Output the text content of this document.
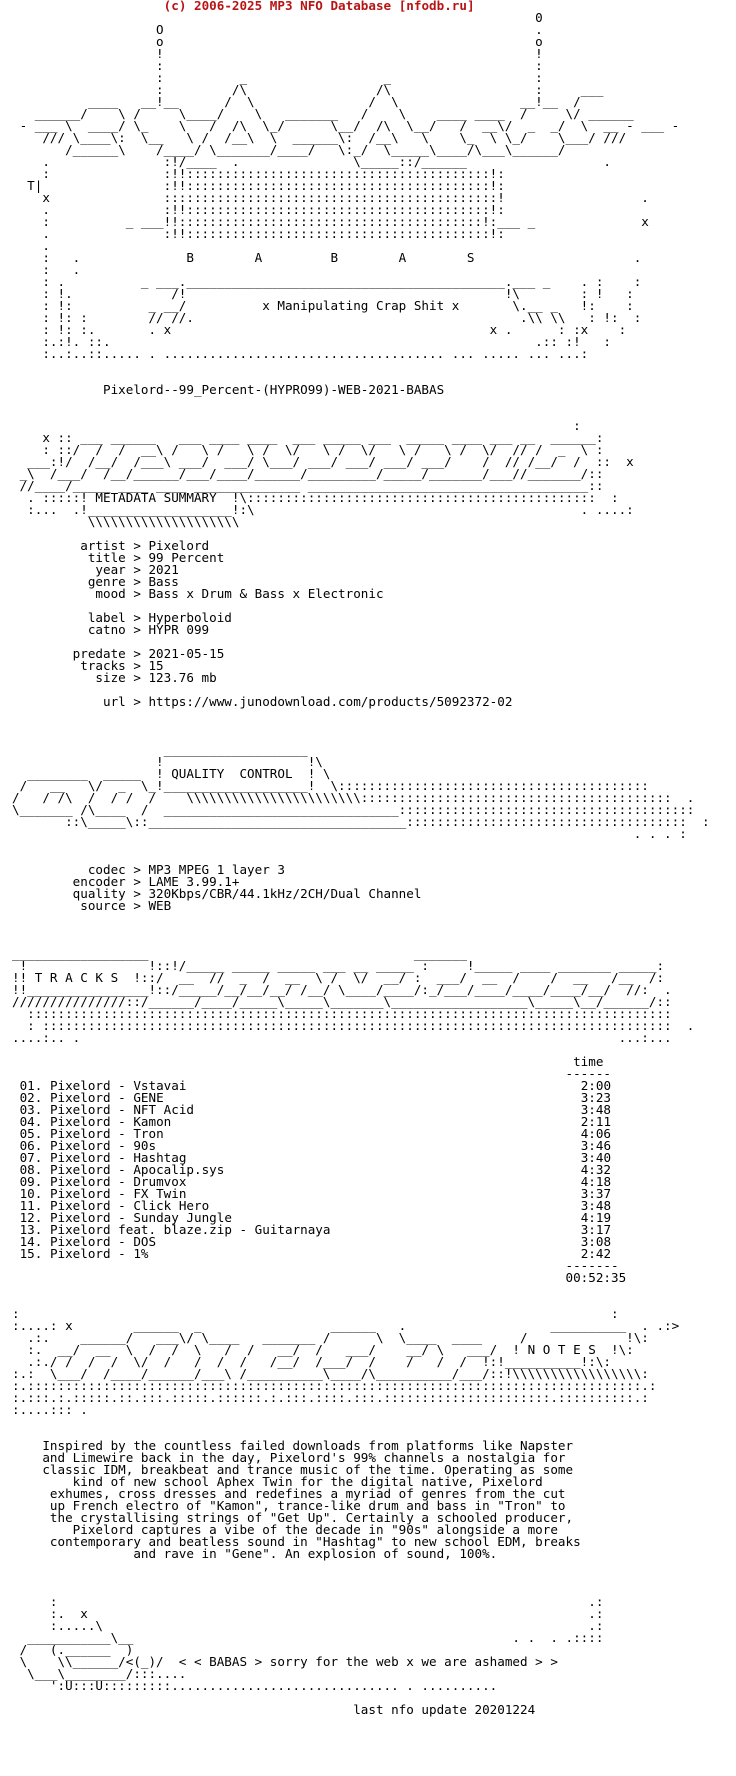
(c) 2006-2025 MP3 NFO Database [nfodb.ru]
0
O                                                 .
o                                                 o
!                                                 !
:                                                 :
:          _                  _                   :
:         /\                 /\                   :     ___
____   __!__      /  \               /  \                __!__  /
______/    \ /     \____/    \   _______   /    \    ____ ____  /     \/ ______
- ___ \  ____/ \_    \   /  /\  \_/      \__/  /\  \__/   /  __\/  _  _/  \  __ - ___ -
/// \____\:  \__   \ /  /__\  \  ______\:  /__\   \    \_  \ \_/    \___/ ///
/______\    /____/ \_______/____/   \:_/  \_____\____/\___\______/
.               :!/____  .               \_____::/______                  .
:               :!!::::::::::::::::::::::::::::::::::::::::!:
T|                :!!::::::::::::::::::::::::::::::::::::::::!:
x               ::::::::::::::::::::::::::::::::::::::::::::!                  .
.               :!!::::::::::::::::::::::::::::::::::::::::!:
:          _ ___!!::::::::::::::::::::::::::::::::::::::::!:___ _              x
.               :!!::::::::::::::::::::::::::::::::::::::::!:
.
:   .              B        A         B        A        S                     .
:   .
: .          _ ___.__________________________________________.___ _    . :    :
: !.             /!                                          !\        : !   :
: !:          _ __/          x Manipulating Crap Shit x       \.__ _   !:    :
: !: :        // //.                                           .\\ \\   : !:  :
: !: :.       . x                                          x .      : :x    :
:.:!. ::.                                                        .:: :!   :
:..:..::..... . ..................................... ... ..... ... ...:

Pixelord--99_Percent-(HYPRO99)-WEB-2021-BABAS

:
x :: ___ ______   ___ ____ ____  ___ _____ ___  _____ ____ ___ __  ______:
: ::/  /  /  __\ /   \ /   \ /  \/   \ /  \/   \ /   \ /  \/  // /  _  \ :
___:!/  /__/  /___\ ___/  ___/ \___/ ___/ ___/ ___/ ___/    /  // /__/  /  ::  x
_\  /___/  /__/______/___/____/______/_________/_____/_______/___//_______/::
//____/_____ ____ ____ ______________ _____________________________________::
. :::::! METADATA SUMMARY  !\::::::::::::::::::::::::::::::::::::::::::::::  :
:...  .!___________________!:\                                           . ....:
\\\\\\\\\\\\\\\\\\\\

artist > Pixelord
title > 99 Percent
year > 2021
genre > Bass
mood > Bass x Drum & Bass x Electronic

label > Hyperboloid
catno > HYPR 099

predate > 2021-05-15
tracks > 15
size > 123.76 mb

url > https://www.junodownload.com/products/5092372-02

___________________
!                   !\
________  _____  ! QUALITY  CONTROL  ! \
/   __   \/  _  \_!___________________!  \:::::::::::::::::::::::::::::::::::::::::
/   / /\  /  / /  /    \\\\\\\\\\\\\\\\\\\\\\\:::::::::::::::::::::::::::::::::::::::::  .
\_______ /\____  /  _______________________________:::::::::::::::::::::::::::::::::::::::
::\_____\::__________________________________:::::::::::::::::::::::::::::::::::::  :
. . . :

codec > MP3 MPEG 1 layer 3
encoder > LAME 3.99.1+
quality > 320Kbps/CBR/44.1kHz/2CH/Dual Channel
source > WEB

__________________                                   _______
!                !::!/_____ _____ _____ ___ __ _____ :     !_____ ____ _______ _____:
!! T R A C K S  !::/  __  //  _  /  __  \ /  \/  __/ :  ___/  __  /    /  __   /__  /:
!!________________!::/_____/__/__/__/ /__/ \____/____/:_/___/____/____/____/__/  //:  .
///////////////::/______/____/_____\_____\_______\__________________\_____\__/______/::
:::::::::::::::::::::::::::::::::::::::::::::::::::::::::::::::::::::::::::::::::::::
: :::::::::::::::::::::::::::::::::::::::::::::::::::::::::::::::::::::::::::::::::::  .
....:.. .                                                                       ...:...

time
------
01. Pixelord - Vstavai	2:00
02. Pixelord - GENE	3:23
03. Pixelord - NFT Acid	3:48
04. Pixelord - Kamon	2:11
05. Pixelord - Tron	4:06
06. Pixelord - 90s	3:46
07. Pixelord - Hashtag	3:40
08. Pixelord - Apocalip.sys	4:32
09. Pixelord - Drumvox	4:18
10. Pixelord - FX Twin	3:37
11. Pixelord - Click Hero	3:48
12. Pixelord - Sunday Jungle	4:19
13. Pixelord feat. blaze.zip - Guitarnaya	3:17
14. Pixelord - DOS	3:08
15. Pixelord - 1%	2:42
-------
00:52:35

:                                                                              :
:....: x        ______  _                 ______   .                   __________  . .:>
.:.    ______/   ___\/ \____   _______ /      \  \____  ____     /             !\:
:.  __/  __  \  /  /  \   /  /   __/  /   ___/    __/ \   ___/  ! N O T E S  !\:
.:./ /  /  /  \/  /   /  /  /   /__/  /___/  /    /   /  /  !:!__________!:\:
:.:  \___/  /____/______/___\ /__________\____/\__________/___/::!\\\\\\\\\\\\\\\\\:
:.:::::::::::::::::::::::::::::::::::::::::::::::::::::::::::::::::::::::::::::::::.:
:.:::.:.:::::.::.:::.:::::.::::::.:.:::.::::.:::.::::::::::::::::::::::.::::::::::.:
:....::: .

Inspired by the countless failed downloads from platforms like Napster
and Limewire back in the day, Pixelord's 99% channels a nostalgia for
classic IDM, breakbeat and trance music of the time. Operating as some
kind of new school Aphex Twin for the digital native, Pixelord
exhumes, cross dresses and redefines a myriad of genres from the cut
up French electro of "Kamon", trance-like drum and bass in "Tron" to
the crystallising strings of "Get Up". Certainly a schooled producer,
Pixelord captures a vibe of the decade in "90s" alongside a more
contemporary and beatless sound in "Hashtag" to new school EDM, breaks
and rave in "Gene". An explosion of sound, 100%.

:                                                                      .:
:.  x                                                                  .:
:.....\                                                                .:
___________\__                                                  . .  . .::::
/   (.______  )
\    \\______/<(_)/  < < BABAS > sorry for the web x we are ashamed > >
\___\________/:::....
':U:::U:::::::::.............................. . ..........

last nfo update 20201224
